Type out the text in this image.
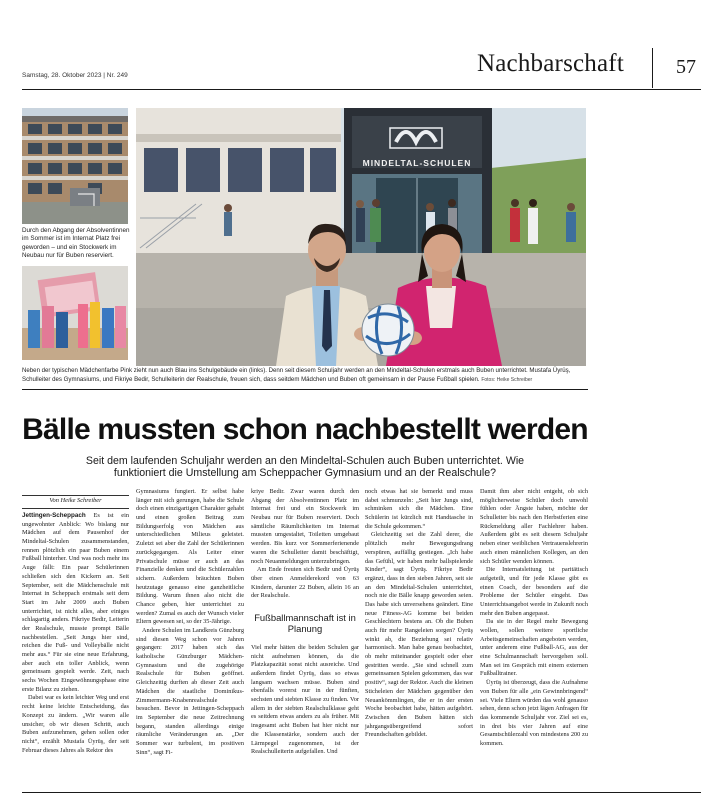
Samstag, 28. Oktober 2023 | Nr. 249	Nachbarschaft	57
Durch den Abgang der Absolventinnen im Sommer ist im Internat Platz frei geworden – und ein Stockwerk im Neubau nur für Buben reserviert.
MINDELTAL-SCHULEN
Neben der typischen Mädchenfarbe Pink zieht nun auch Blau ins Schulgebäude ein (links). Denn seit diesem Schuljahr werden an den Mindeltal-Schulen erstmals auch Buben unterrichtet. Mustafa Üyrüş, Schulleiter des Gymnasiums, und Fikriye Bedir, Schulleiterin der Realschule, freuen sich, dass seitdem Mädchen und Buben oft gemeinsam in der Pause Fußball spielen. Fotos: Heike Schreiber
Bälle mussten schon nachbestellt werden
Seit dem laufenden Schuljahr werden an den Mindeltal-Schulen auch Buben unterrichtet. Wie funktioniert die Umstellung am Scheppacher Gymnasium und an der Realschule?
Von Heike Schreiber

Jettingen-Scheppach Es ist ein ungewohnter Anblick: Wo bislang nur Mädchen auf dem Pausenhof der Mindeltal-Schulen zusammenstanden, rennen plötzlich ein paar Buben einem Fußball hinterher. Und was noch mehr ins Auge fällt: Ein paar Schülerinnen schließen sich den Kickern an. Seit September, seit die Mädchenschule mit Internat in Scheppach erstmals seit dem Start im Jahr 2009 auch Buben unterrichtet, ist nicht alles, aber einiges schlagartig anders. Fikriye Bedir, Leiterin der Realschule, musste prompt Bälle nachbestellen. „Seit Jungs hier sind, reichen die Fuß- und Volleybälle nicht mehr aus.“ Für sie eine neue Erfahrung, aber auch ein toller Anblick, wenn gemeinsam gespielt werde. Zeit, nach sechs Wochen Eingewöhnungsphase eine erste Bilanz zu ziehen.

Dabei war es kein leichter Weg und erst recht keine leichte Entscheidung, das Konzept zu ändern. „Wir waren alle unsicher, ob wir diesen Schritt, auch Buben aufzunehmen, gehen sollen oder nicht“, erzählt Mustafa Üyrüş, der seit Februar dieses Jahres als Rektor des

Gymnasiums fungiert. Er selbst habe länger mit sich gerungen, habe die Schule doch einen einzigartigen Charakter gehabt und einen großen Beitrag zum Bildungserfolg von Mädchen aus unterschiedlichen Milieus geleistet. Zuletzt sei aber die Zahl der Schülerinnen zurückgegangen. Als Leiter einer Privatschule müsse er auch an das Finanzielle denken und die Schülerzahlen sichern. Außerdem bräuchten Buben heutzutage genauso eine ganzheitliche Bildung. Warum ihnen also nicht die Chance geben, hier unterrichtet zu werden? Zumal es auch der Wunsch vieler Eltern gewesen sei, so der 35-Jährige.

Andere Schulen im Landkreis Günzburg sind diesen Weg schon vor Jahren gegangen: 2017 haben sich das katholische Günzburger Mädchen-Gymnasium und die zugehörige Realschule für Buben geöffnet. Gleichzeitig durften ab dieser Zeit auch Mädchen die staatliche Dominikus-Zimmermann-Knabenrealschule besuchen. Bevor in Jettingen-Scheppach im September die neue Zeitrechnung begann, standen allerdings einige räumliche Veränderungen an. „Der Sommer war turbulent, im positiven Sinn“, sagt Fi-

kriye Bedir. Zwar waren durch den Abgang der Absolventinnen Platz im Internat frei und ein Stockwerk im Neubau nur für Buben reserviert. Doch sämtliche Räumlichkeiten im Internat mussten umgestaltet, Toiletten umgebaut werden. Bis kurz vor Sommerferienende waren die Schulleiter damit beschäftigt, noch Neuanmeldungen unterzubringen.

Am Ende freuten sich Bedir und Üyrüş über einen Anmelderekord von 63 Kindern, darunter 22 Buben, allein 16 an der Realschule.

Fußballmannschaft ist in Planung

Viel mehr hätten die beiden Schulen gar nicht aufnehmen können, da die Platzkapazität sonst nicht ausreiche. Und außerdem findet Üyrüş, dass so etwas langsam wachsen müsse. Buben sind ebenfalls vorerst nur in der fünften, sechsten und siebten Klasse zu finden. Vor allem in der siebten Realschulklasse geht es seitdem etwas anders zu als früher. Mit insgesamt acht Buben hat hier nicht nur die Klassenstärke, sondern auch der Lärmpegel zugenommen, ist der Realschulleiterin aufgefallen. Und

noch etwas hat sie bemerkt und muss dabei schmunzeln: „Seit hier Jungs sind, schminken sich die Mädchen. Eine Schülerin ist kürzlich mit Handtasche in die Schule gekommen.“

Gleichzeitig sei die Zahl derer, die plötzlich mehr Bewegungsdrang verspüren, auffällig gestiegen. „Ich habe das Gefühl, wir haben mehr ballspielende Kinder“, sagt Üyrüş. Fikriye Bedir ergänzt, dass in den sieben Jahren, seit sie an den Mindeltal-Schulen unterrichtet, noch nie die Bälle knapp geworden seien. Das habe sich unversehens geändert. Eine neue Fitness-AG komme bei beiden Geschlechtern bestens an. Ob die Buben auch für mehr Rangeleien sorgen? Üyrüş winkt ab, die Beziehung sei relativ harmonisch. Man habe genau beobachtet, ob mehr miteinander gespielt oder eher gestritten werde. „Sie sind schnell zum gemeinsamen Spielen gekommen, das war positiv“, sagt der Rektor. Auch die kleinen Sticheleien der Mädchen gegenüber den Neuankömmlingen, die er in der ersten Woche beobachtet habe, hätten aufgehört. Zwischen den Buben hätten sich jahrgangsübergreifend sofort Freundschaften gebildet.

Damit ihm aber nicht entgeht, ob sich möglicherweise Schüler doch unwohl fühlen oder Ängste haben, möchte der Schulleiter bis nach den Herbstferien eine Rückmeldung aller Fachlehrer haben. Außerdem gibt es seit diesem Schuljahr neben einer weiblichen Vertrauenslehrerin auch einen männlichen Kollegen, an den sich Schüler wenden können.

Die Internatsleitung ist paritätisch aufgeteilt, und für jede Klasse gibt es einen Coach, der besonders auf die Probleme der Schüler eingeht. Das Unterrichtsangebot werde in Zukunft noch mehr den Buben angepasst.

Da sie in der Regel mehr Bewegung wollen, sollen weitere sportliche Arbeitsgemeinschaften angeboten werden, unter anderem eine Fußball-AG, aus der eine Schulmannschaft hervorgehen soll. Man sei im Gespräch mit einem externen Fußballtrainer.

Üyrüş ist überzeugt, dass die Aufnahme von Buben für alle „ein Gewinnbringend“ sei. Viele Eltern würden das wohl genauso sehen, denn schon jetzt lägen Anfragen für das kommende Schuljahr vor. Ziel sei es, in drei bis vier Jahren auf eine Gesamtschülerzahl von mindestens 200 zu kommen.
